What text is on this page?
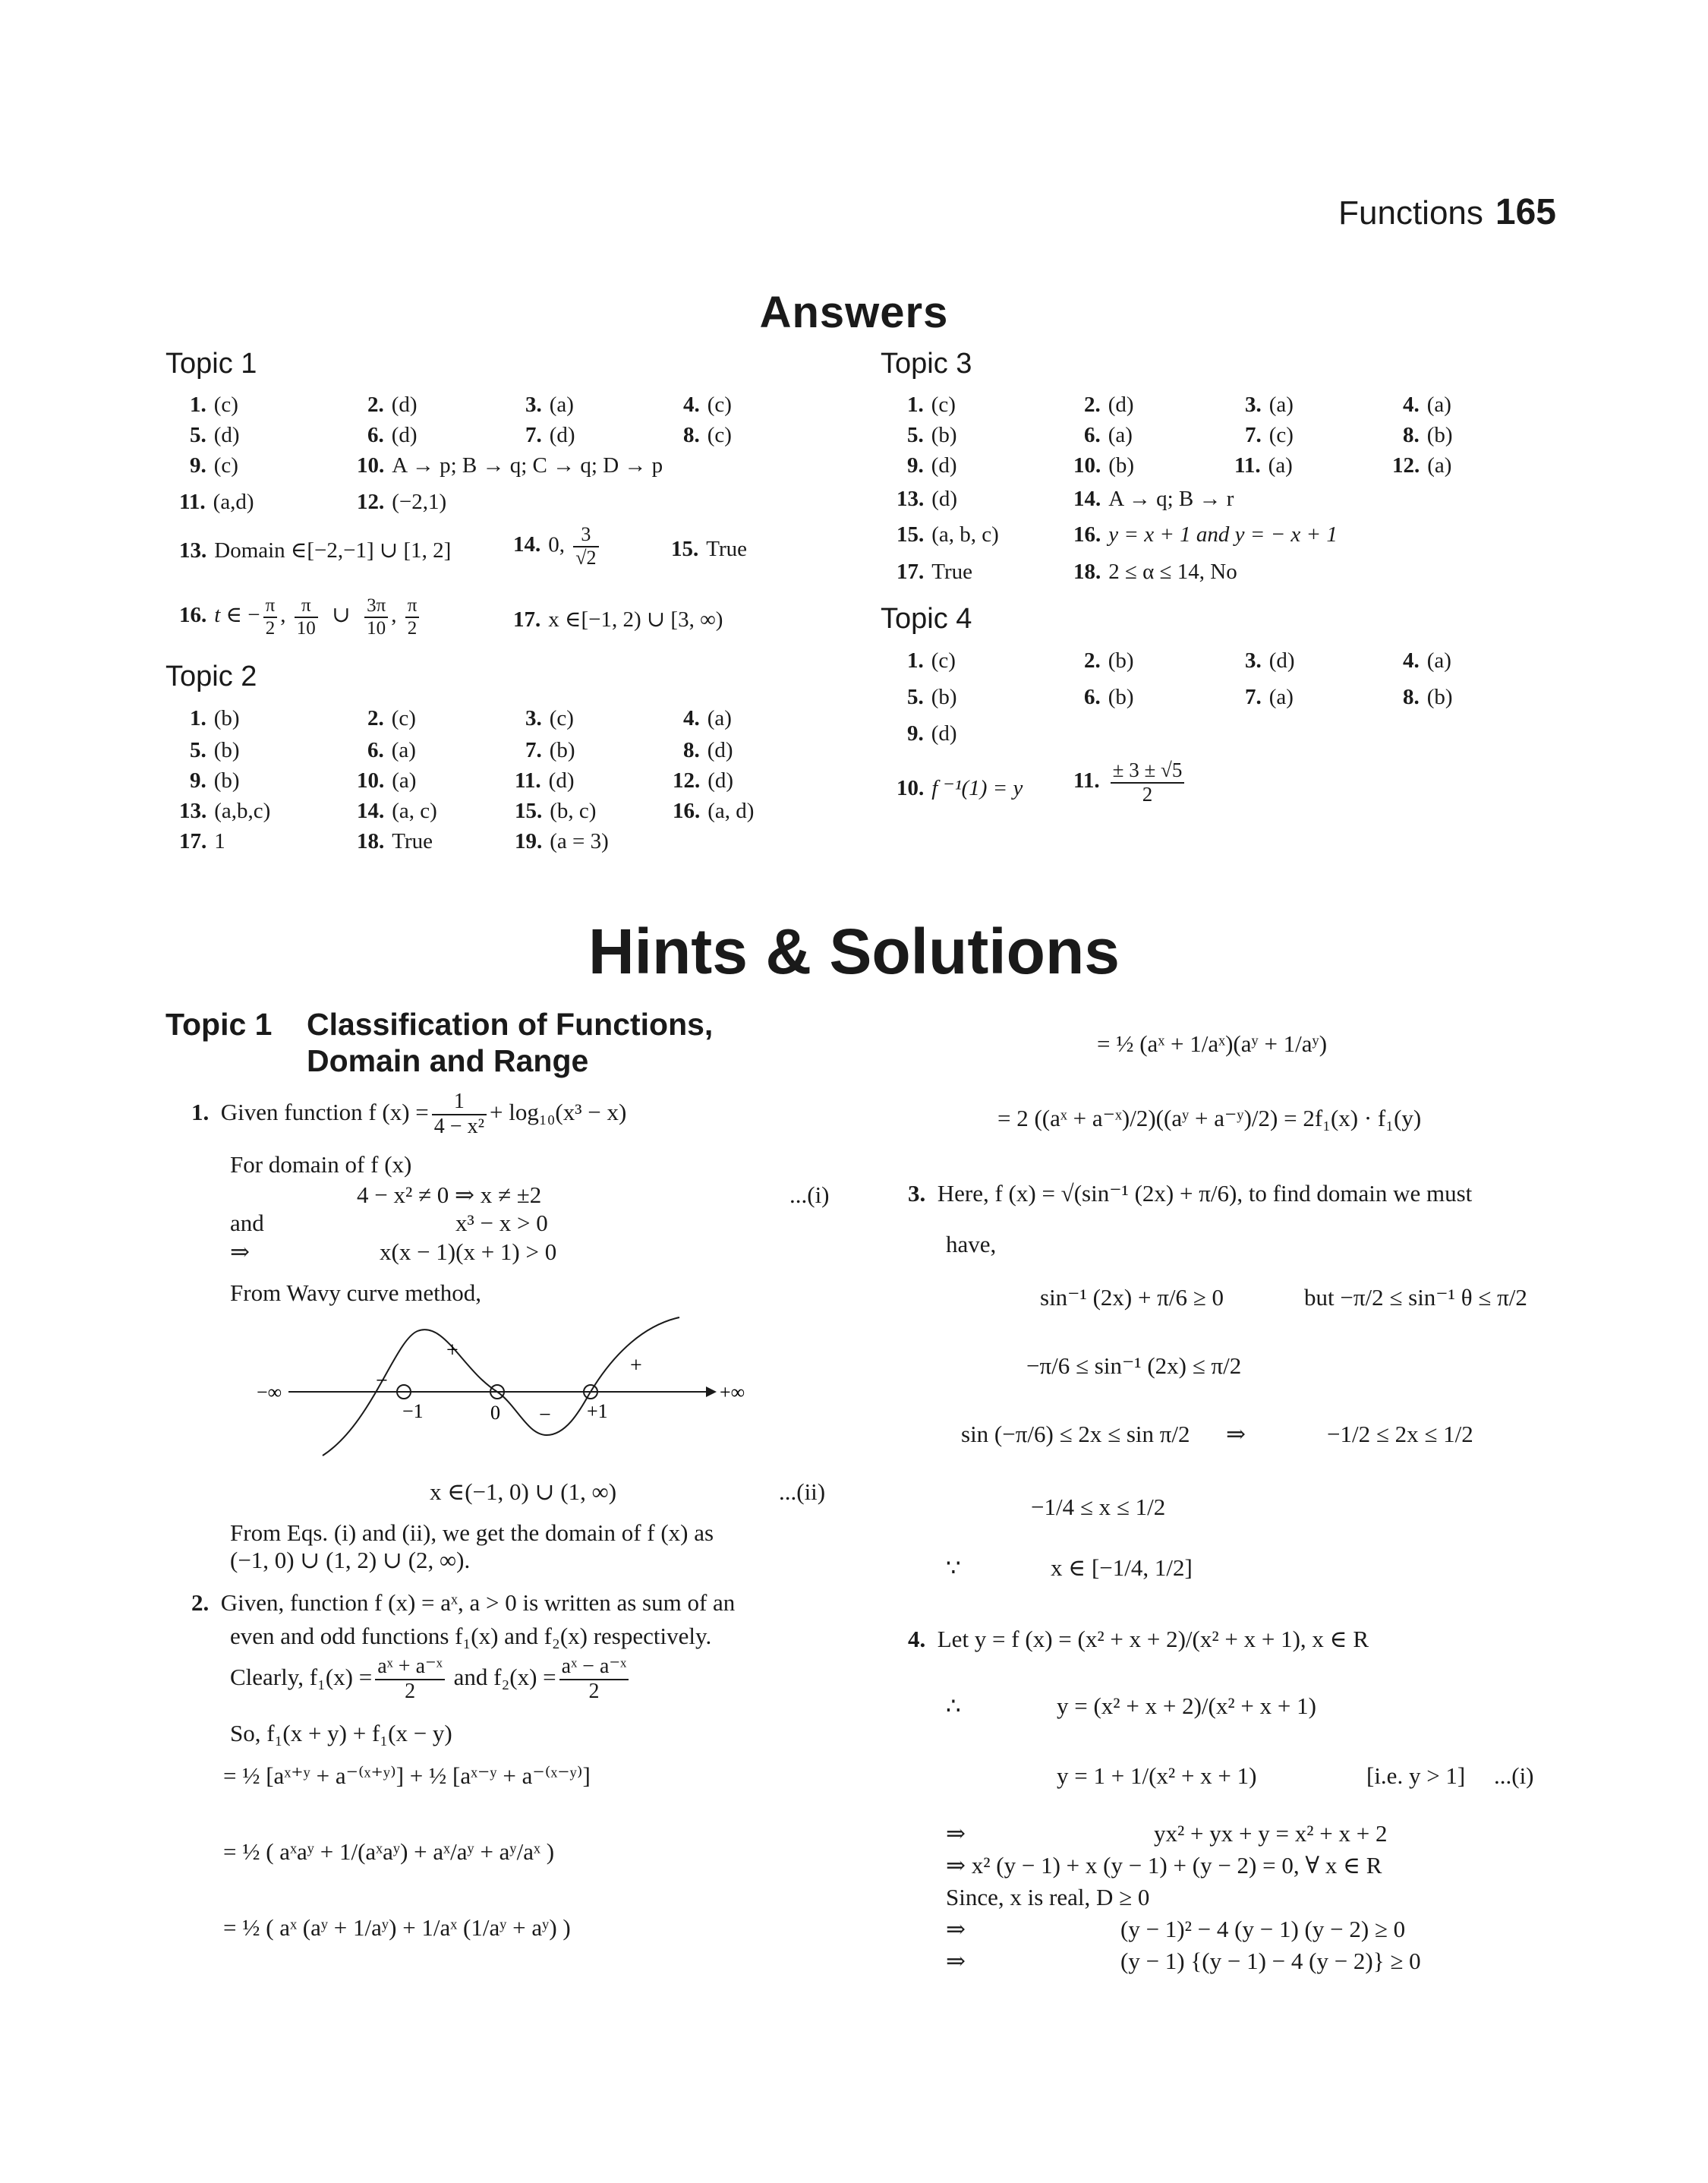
Functions 165
Answers
Topic 1
1. (c)	2. (d)	3. (a)	4. (c)
5. (d)	6. (d)	7. (d)	8. (c)
9. (c)	10. A → p; B → q; C → q; D → p
11. (a,d)	12. (−2,1)
13. Domain ∈[−2,−1] ∪ [1, 2]	14. 0, $\frac{3}{√2}$	15. True
16. t ∈ − $\frac{\pi}{2}$ , $\frac{\pi}{10}$ ∪ $\frac{3\pi}{10}$ , $\frac{\pi}{2}$	17. x ∈[−1, 2) ∪ [3, ∞)
Topic 2
1. (b)	2. (c)	3. (c)	4. (a)
5. (b)	6. (a)	7. (b)	8. (d)
9. (b)	10. (a)	11. (d)	12. (d)
13. (a,b,c)	14. (a, c)	15. (b, c)	16. (a, d)
17. 1	18. True	19. (a = 3)
Topic 3
1. (c)	2. (d)	3. (a)	4. (a)
5. (b)	6. (a)	7. (c)	8. (b)
9. (d)	10. (b)	11. (a)	12. (a)
13. (d)	14. A → q; B → r
15. (a, b, c)	16. y = x + 1 and y = − x + 1
17. True	18. 2 ≤ α ≤ 14, No
Topic 4
1. (c)	2. (b)	3. (d)	4. (a)
5. (b)	6. (b)	7. (a)	8. (b)
9. (d)
10. f ⁻¹(1) = y 11. $\frac{\pm 3 \pm √5}{2}$
Hints & Solutions
Topic 1 Classification of Functions,
Domain and Range
1. Given function f $(x) = \frac{1}{\text{4 − x²}} + \log_{10}(x^3 - x)$
For domain of f (x)
4 − x² ≠ 0 ⇒ x ≠ ±2	...(i)
and	x³ − x > 0
⇒	x(x − 1)(x + 1) > 0
From Wavy curve method,
−∞	+∞
−1	0	+1
+
+
−
−
x ∈(−1, 0) ∪ (1, ∞)	...(ii)
From Eqs. (i) and (ii), we get the domain of f (x) as
(−1, 0) ∪ (1, 2) ∪ (2, ∞).
2. Given, function f (x) = aˣ, a > 0 is written as sum of an
even and odd functions f₁(x) and f₂(x) respectively.
Clearly, $f_1(x) = \frac{\text{aˣ + a⁻ˣ}}{2}$ and $f_2(x) = \frac{\text{aˣ − a⁻ˣ}}{2}$
So, f₁(x + y) + f₁(x − y)
= ½ [aˣ⁺ʸ + a⁻⁽ˣ⁺ʸ⁾] + ½ [aˣ⁻ʸ + a⁻⁽ˣ⁻ʸ⁾]
= ½ ( aˣaʸ + 1/(aˣaʸ) + aˣ/aʸ + aʸ/aˣ )
= ½ ( aˣ (aʸ + 1/aʸ) + 1/aˣ (1/aʸ + aʸ) )
= ½ (aˣ + 1/aˣ)(aʸ + 1/aʸ)
= 2 ((aˣ + a⁻ˣ)/2)((aʸ + a⁻ʸ)/2) = 2f₁(x) · f₁(y)
3. Here, f (x) = √(sin⁻¹ (2x) + π/6), to find domain we must
have,
sin⁻¹ (2x) + π/6 ≥ 0	but −π/2 ≤ sin⁻¹ θ ≤ π/2
−π/6 ≤ sin⁻¹ (2x) ≤ π/2
sin (−π/6) ≤ 2x ≤ sin π/2 ⇒	−1/2 ≤ 2x ≤ 1/2
−1/4 ≤ x ≤ 1/2
∵	x ∈ [−1/4, 1/2]
4. Let y = f (x) = (x² + x + 2)/(x² + x + 1), x ∈ R
∴	y = (x² + x + 2)/(x² + x + 1)
y = 1 + 1/(x² + x + 1)	[i.e. y > 1] ...(i)
⇒	yx² + yx + y = x² + x + 2
⇒ x² (y − 1) + x (y − 1) + (y − 2) = 0, ∀ x ∈ R
Since, x is real, D ≥ 0
⇒	(y − 1)² − 4 (y − 1) (y − 2) ≥ 0
⇒	(y − 1) {(y − 1) − 4 (y − 2)} ≥ 0
